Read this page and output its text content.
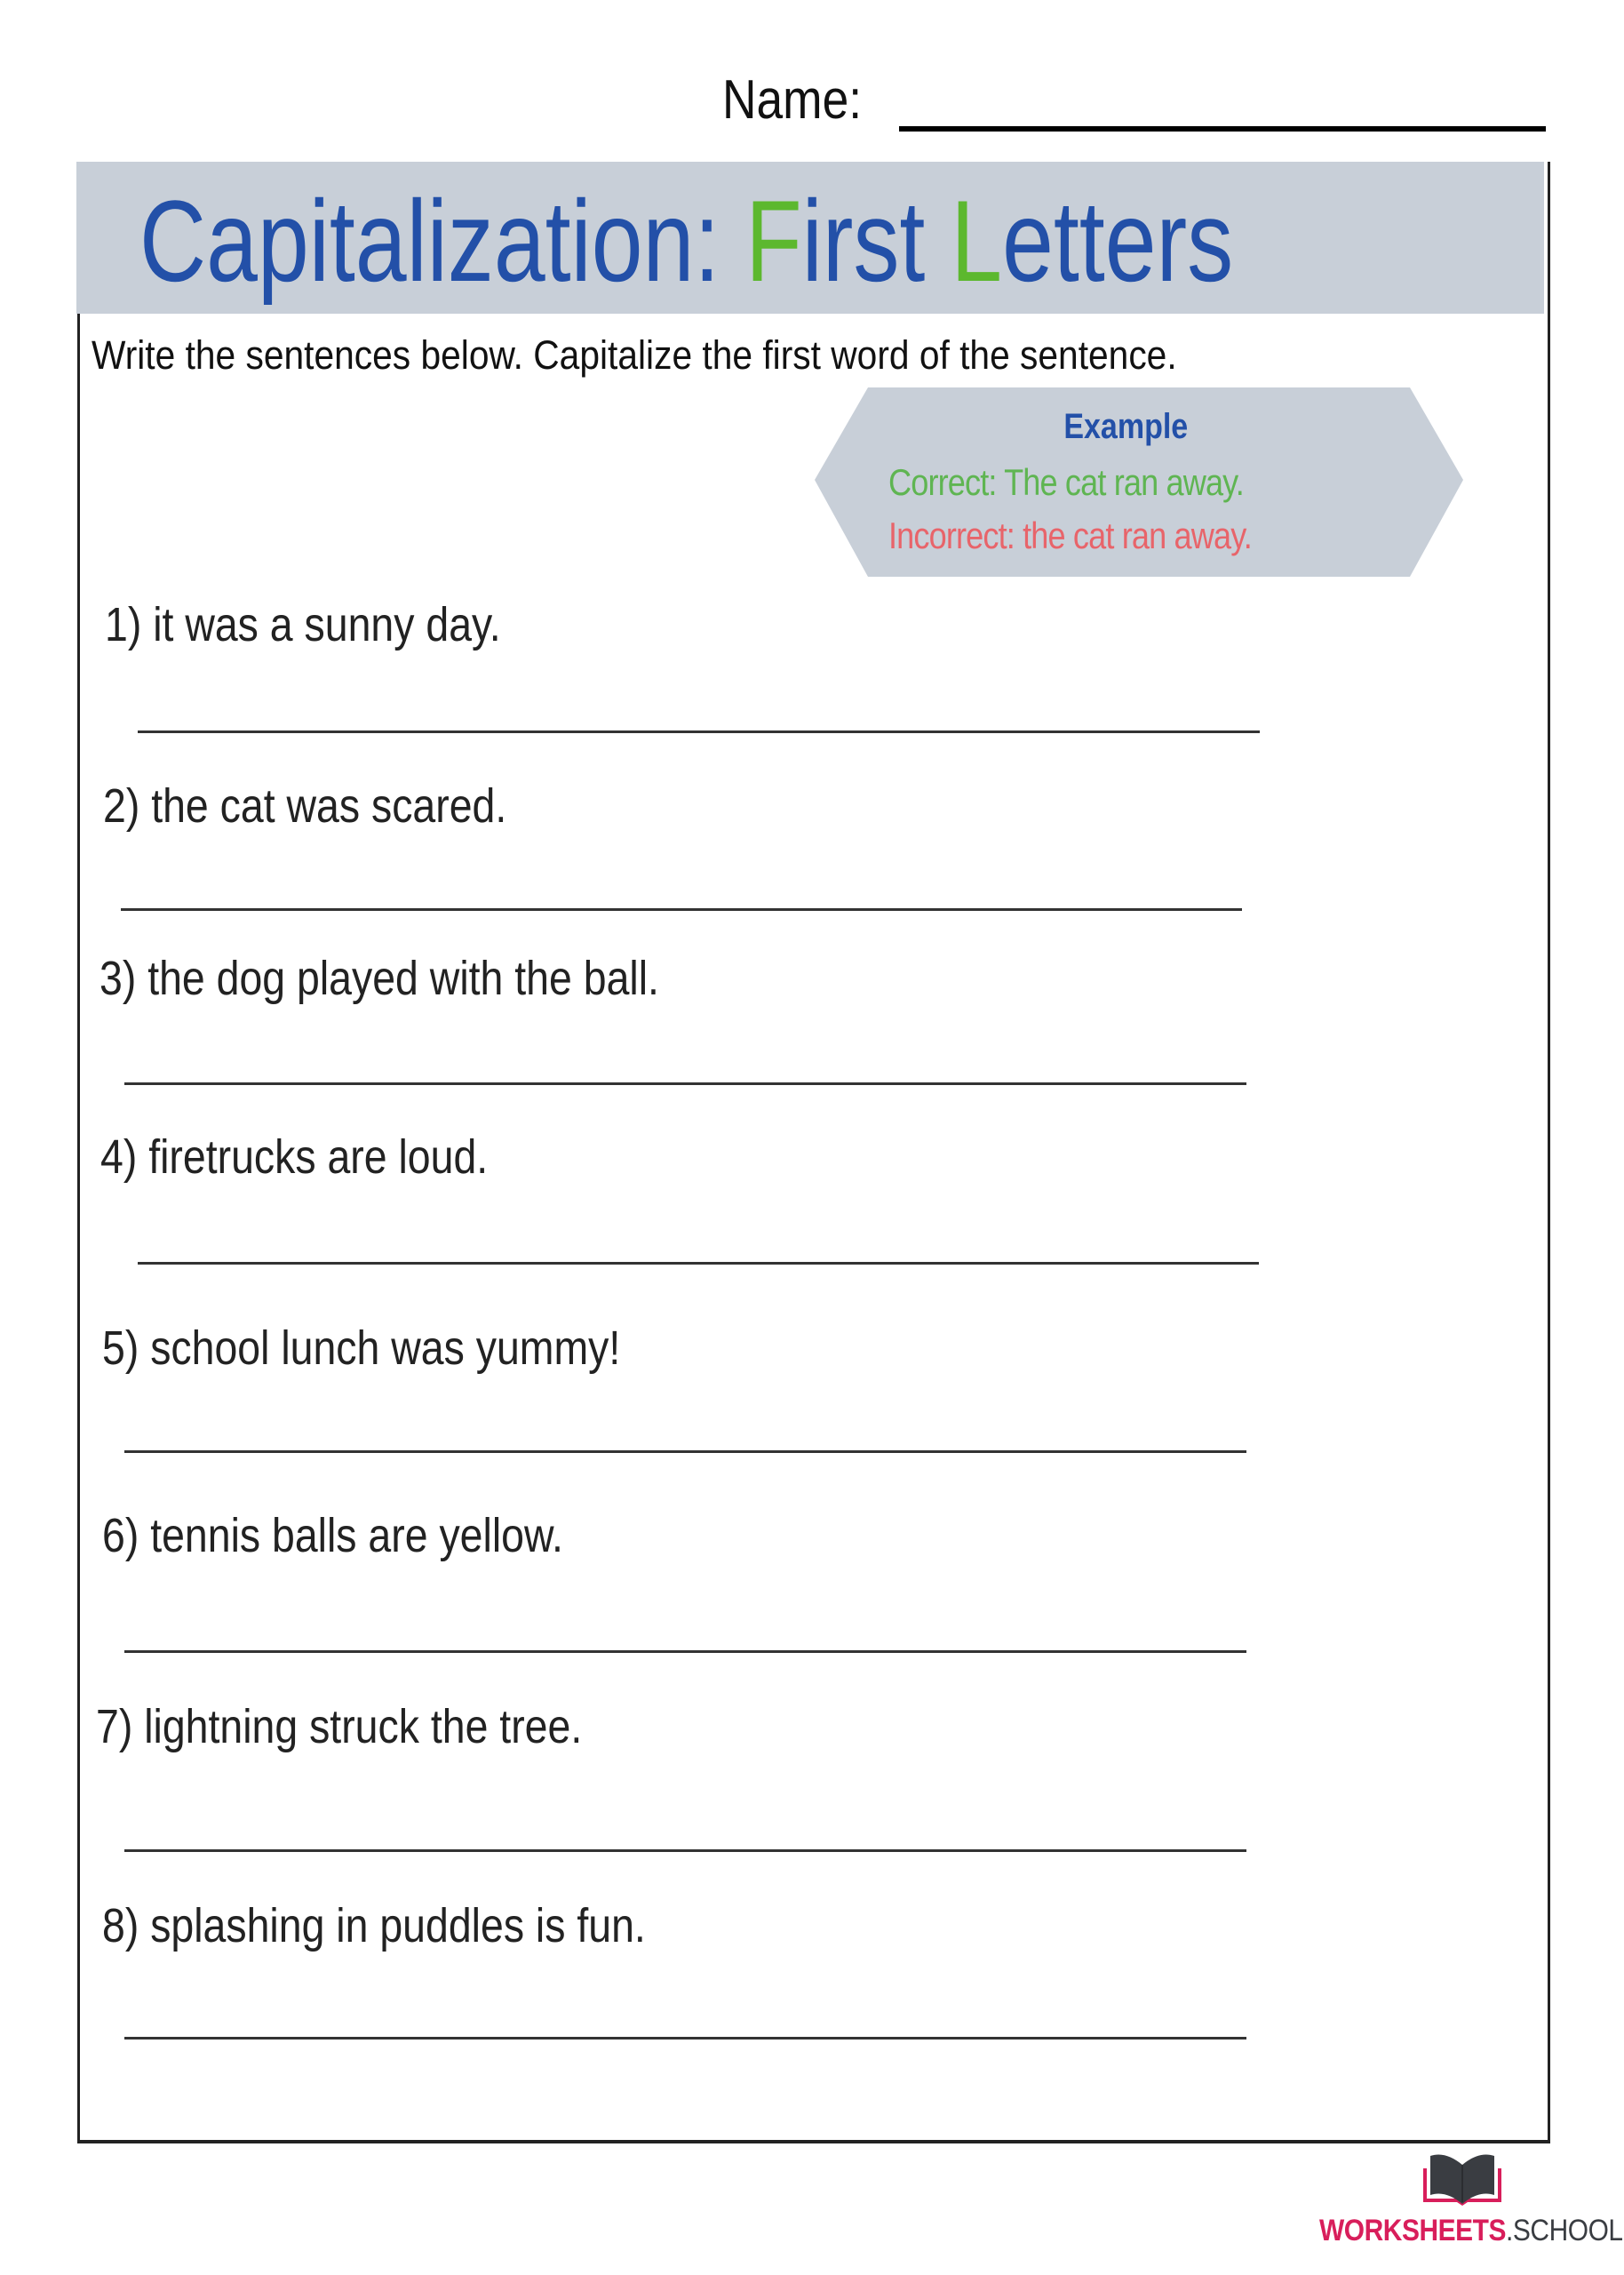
Name:
Capitalization: First Letters
Write the sentences below. Capitalize the first word of the sentence.
Example
Correct: The cat ran away.
Incorrect: the cat ran away.
1) it was a sunny day.
2) the cat was scared.
3) the dog played with the ball.
4) firetrucks are loud.
5) school lunch was yummy!
6) tennis balls are yellow.
7) lightning struck the tree.
8) splashing in puddles is fun.
WORKSHEETS.SCHOOL
